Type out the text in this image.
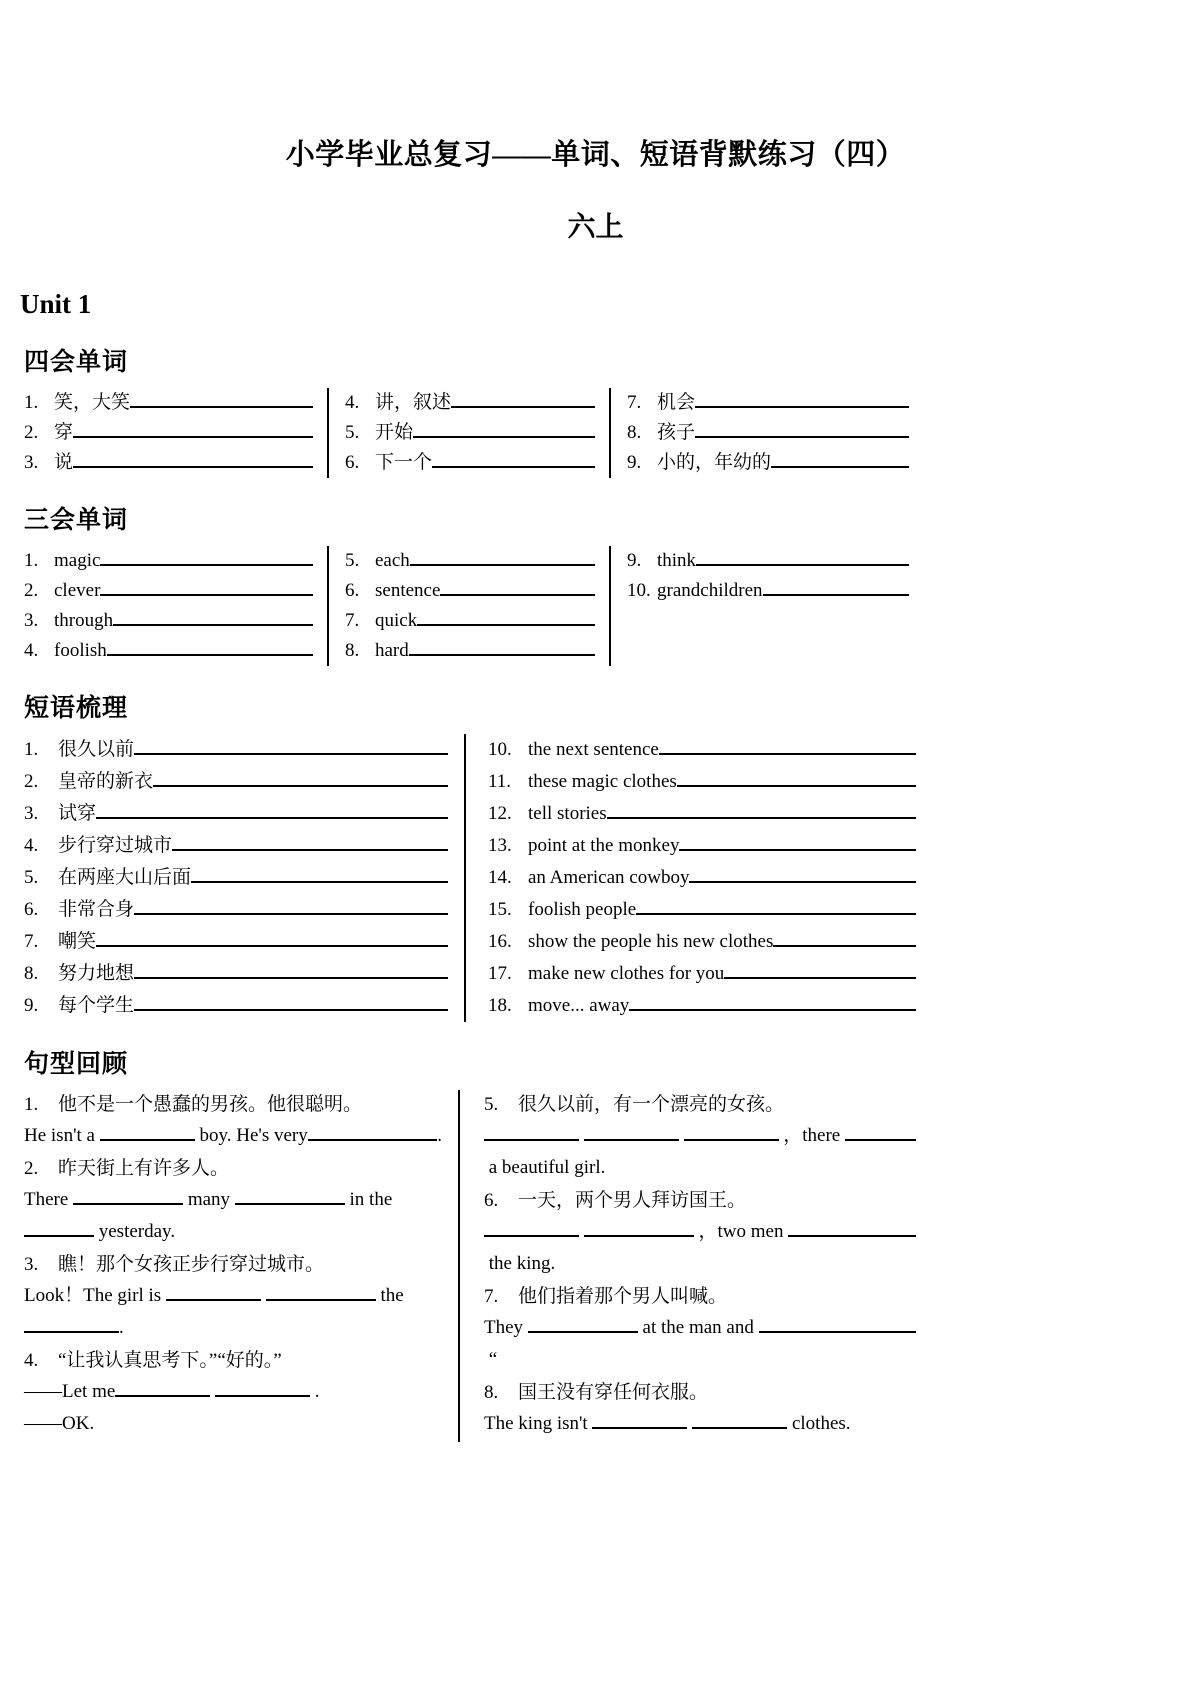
小学毕业总复习——单词、短语背默练习（四）
六上
Unit 1
四会单词
1. 笑，大笑
2. 穿
3. 说
4. 讲，叙述
5. 开始
6. 下一个
7. 机会
8. 孩子
9. 小的，年幼的
三会单词
1. magic
2. clever
3. through
4. foolish
5. each
6. sentence
7. quick
8. hard
9. think
10. grandchildren
短语梳理
1.	很久以前
2.	皇帝的新衣
3.	试穿
4.	步行穿过城市
5.	在两座大山后面
6.	非常合身
7.	嘲笑
8.	努力地想
9.	每个学生
10. the next sentence
11. these magic clothes
12. tell stories
13. point at the monkey
14. an American cowboy
15. foolish people
16. show the people his new clothes
17. make new clothes for you
18. move... away
句型回顾
1.	他不是一个愚蠢的男孩。他很聪明。
He isn't a	boy. He's very	.
2.	昨天街上有许多人。
There	many	in the
yesterday.
3.	瞧！那个女孩正步行穿过城市。
Look！The girl is
	the
.
4.	“让我认真思考下。”“好的。”
——Let me
	.
——OK.
5.	很久以前，有一个漂亮的女孩。

，there
a beautiful girl.
6.	一天，两个男人拜访国王。

，two men
the king.
7.	他们指着那个男人叫喊。
They	at the man and
“
8.	国王没有穿任何衣服。
The king isn't
	clothes.
